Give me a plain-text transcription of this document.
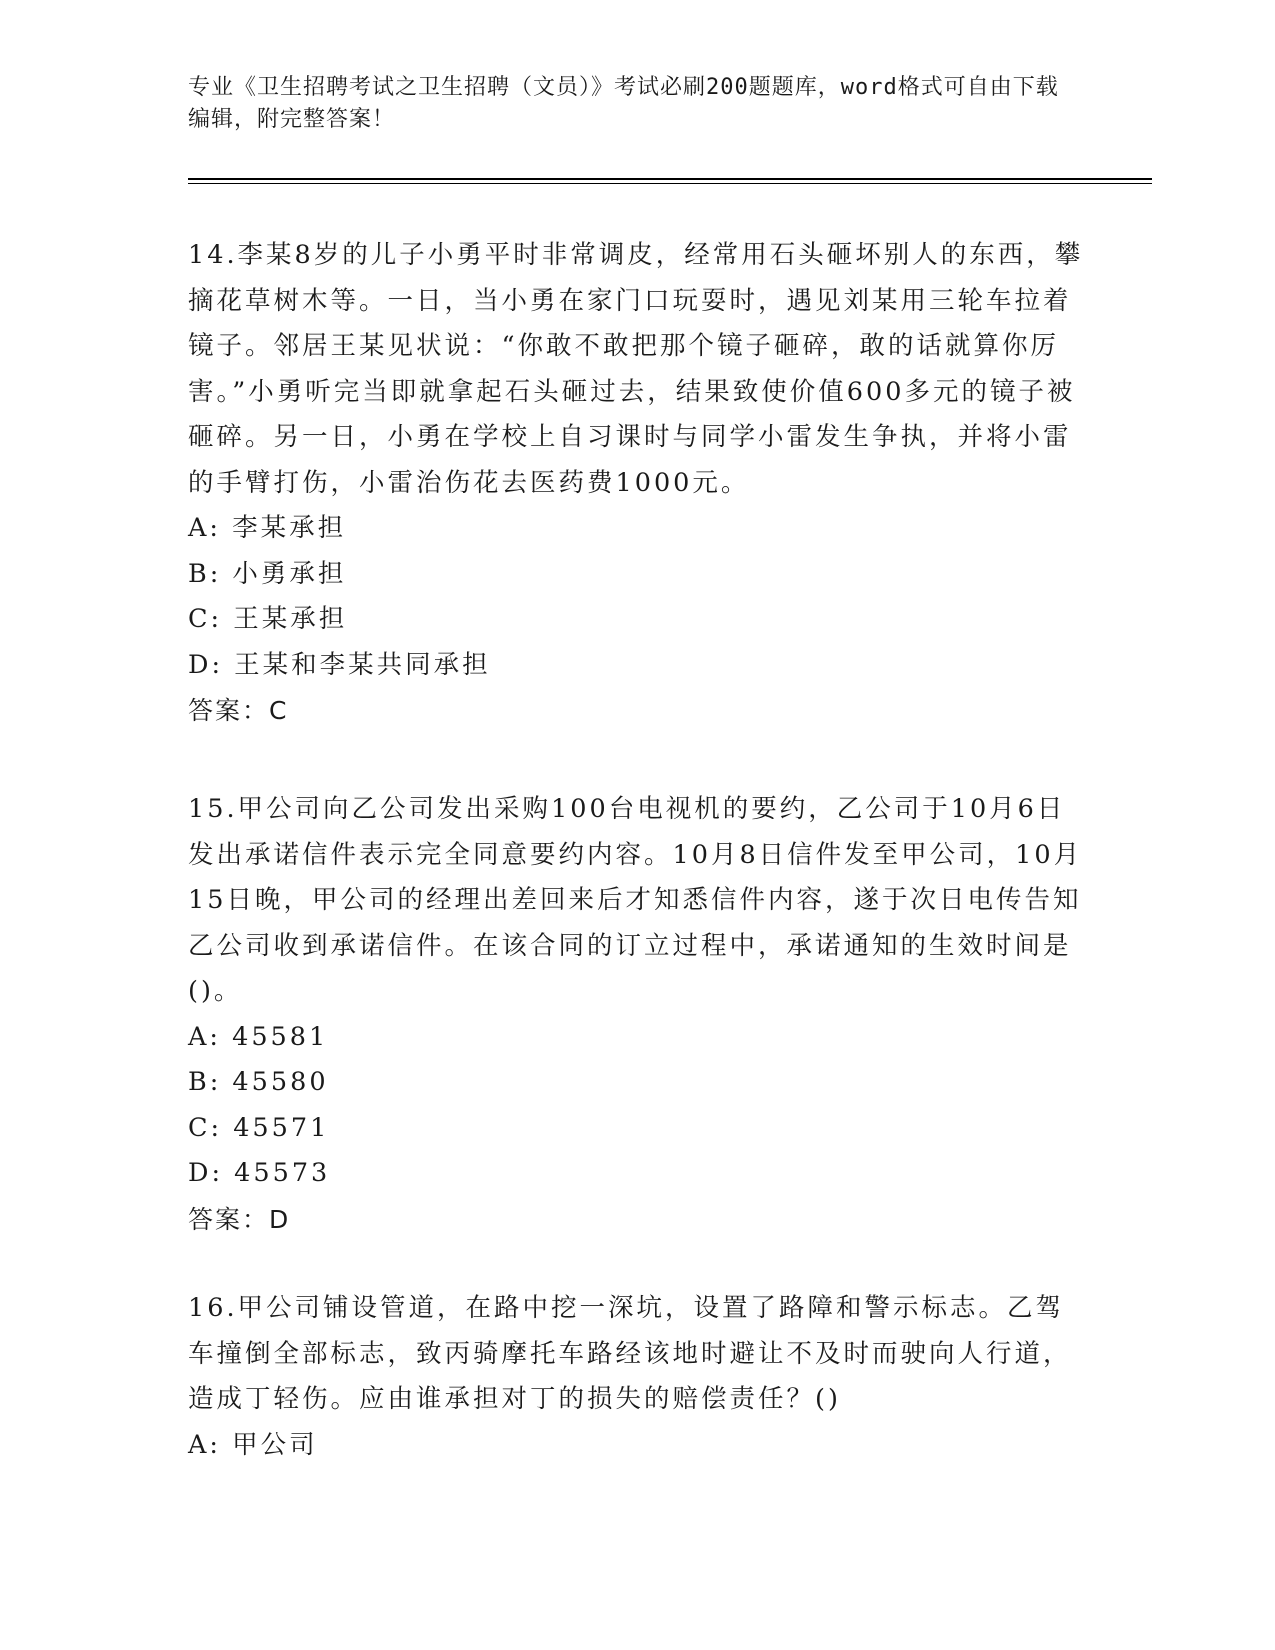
专业《卫生招聘考试之卫生招聘（文员）》考试必刷200题题库，word格式可自由下载编辑，附完整答案！

14.李某8岁的儿子小勇平时非常调皮，经常用石头砸坏别人的东西，攀摘花草树木等。一日，当小勇在家门口玩耍时，遇见刘某用三轮车拉着镜子。邻居王某见状说：“你敢不敢把那个镜子砸碎，敢的话就算你厉害。”小勇听完当即就拿起石头砸过去，结果致使价值600多元的镜子被砸碎。另一日，小勇在学校上自习课时与同学小雷发生争执，并将小雷的手臂打伤，小雷治伤花去医药费1000元。

A: 李某承担

B: 小勇承担

C: 王某承担

D: 王某和李某共同承担

答案：C

15.甲公司向乙公司发出采购100台电视机的要约，乙公司于10月6日发出承诺信件表示完全同意要约内容。10月8日信件发至甲公司，10月15日晚，甲公司的经理出差回来后才知悉信件内容，遂于次日电传告知乙公司收到承诺信件。在该合同的订立过程中，承诺通知的生效时间是()。

A: 45581

B: 45580

C: 45571

D: 45573

答案：D

16.甲公司铺设管道，在路中挖一深坑，设置了路障和警示标志。乙驾车撞倒全部标志，致丙骑摩托车路经该地时避让不及时而驶向人行道，造成丁轻伤。应由谁承担对丁的损失的赔偿责任？()

A: 甲公司
